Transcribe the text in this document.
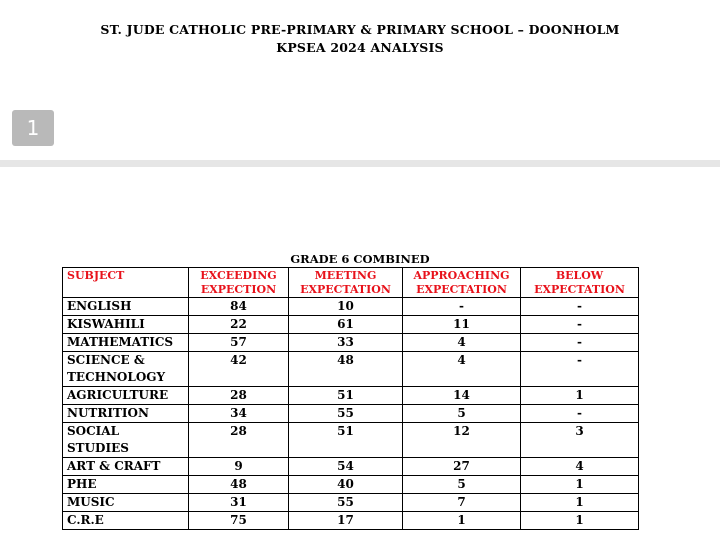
ST. JUDE CATHOLIC PRE-PRIMARY & PRIMARY SCHOOL – DOONHOLM
KPSEA 2024 ANALYSIS
1
GRADE 6 COMBINED
SUBJECT	EXCEEDING EXPECTION	MEETING EXPECTATION	APPROACHING EXPECTATION	BELOW EXPECTATION
ENGLISH	84	10	-	-
KISWAHILI	22	61	11	-
MATHEMATICS	57	33	4	-
SCIENCE & TECHNOLOGY	42	48	4	-
AGRICULTURE	28	51	14	1
NUTRITION	34	55	5	-
SOCIAL STUDIES	28	51	12	3
ART & CRAFT	9	54	27	4
PHE	48	40	5	1
MUSIC	31	55	7	1
C.R.E	75	17	1	1
